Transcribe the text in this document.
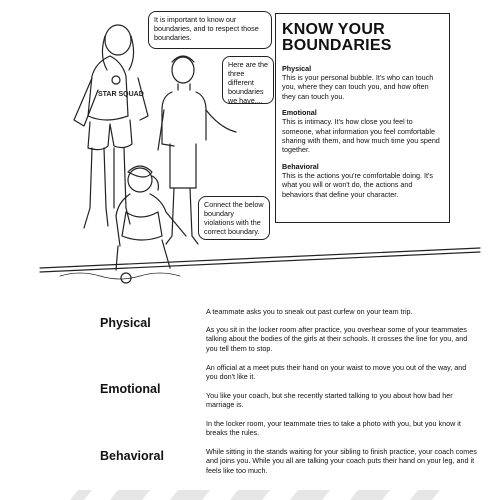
STAR SQUAD
It is important to know our boundaries, and to respect those boundaries.
Here are the three different boundaries we have....
Connect the below boundary violations with the correct boundary.
KNOW YOUR BOUNDARIES
Physical
This is your personal bubble. It's who can touch you, where they can touch you, and how often they can touch you.
Emotional
This is intimacy. It's how close you feel to someone, what information you feel comfortable sharing with them, and how much time you spend together.
Behavioral
This is the actions you're comfortable doing. It's what you will or won't do, the actions and behaviors that define your character.
Physical
Emotional
Behavioral
A teammate asks you to sneak out past curfew on your team trip.
As you sit in the locker room after practice, you overhear some of your teammates talking about the bodies of the girls at their schools. It crosses the line for you, and you tell them to stop.
An official at a meet puts their hand on your waist to move you out of the way, and you don't like it.
You like your coach, but she recently started talking to you about how bad her marriage is.
In the locker room, your teammate tries to take a photo with you, but you know it breaks the rules.
While sitting in the stands waiting for your sibling to finish practice, your coach comes and joins you. While you all are talking your coach puts their hand on your leg, and it feels like too much.
